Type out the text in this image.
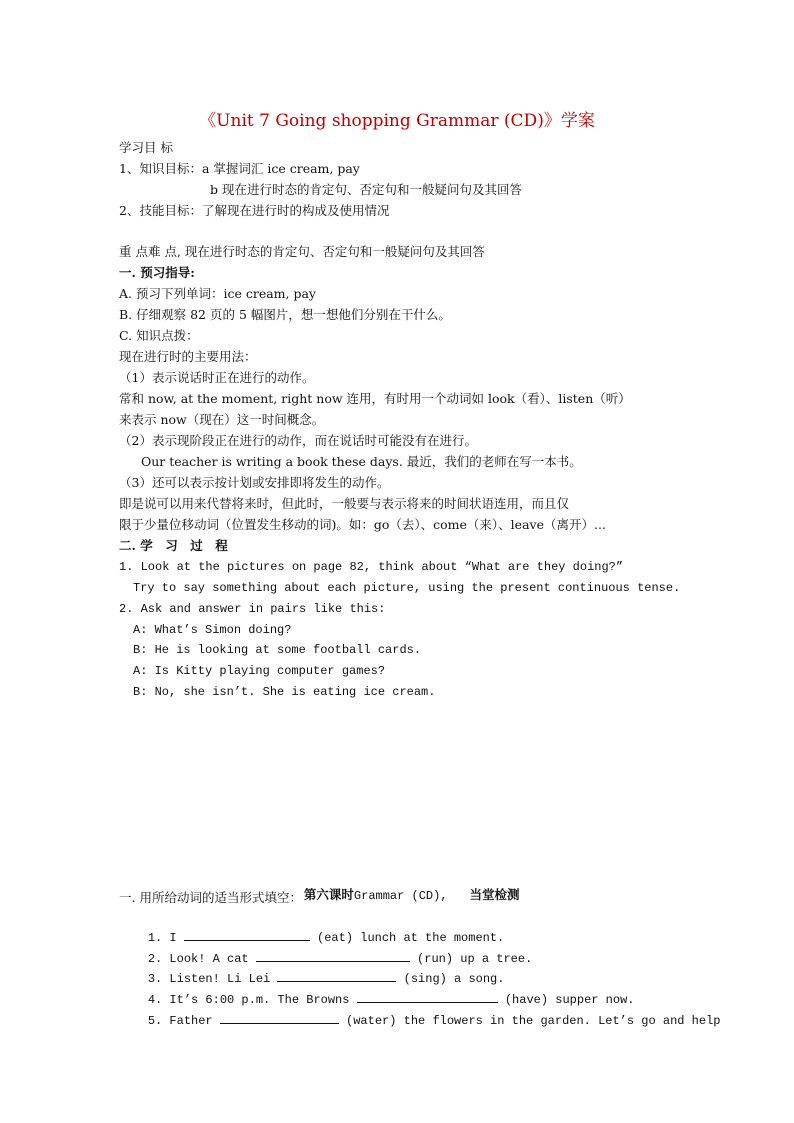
《Unit 7 Going shopping Grammar (CD)》学案
学习目 标
1、知识目标：a 掌握词汇 ice cream, pay
b 现在进行时态的肯定句、否定句和一般疑问句及其回答
2、技能目标：了解现在进行时的构成及使用情况
重 点难 点, 现在进行时态的肯定句、否定句和一般疑问句及其回答
一. 预习指导:
A. 预习下列单词：ice cream, pay
B. 仔细观察 82 页的 5 幅图片，想一想他们分别在干什么。
C. 知识点拨：
现在进行时的主要用法：
（1）表示说话时正在进行的动作。
常和 now, at the moment, right now 连用，有时用一个动词如 look（看）、listen（听）
来表示 now（现在）这一时间概念。
（2）表示现阶段正在进行的动作，而在说话时可能没有在进行。
Our teacher is writing a book these days. 最近，我们的老师在写一本书。
（3）还可以表示按计划或安排即将发生的动作。
即是说可以用来代替将来时，但此时，一般要与表示将来的时间状语连用，而且仅
限于少量位移动词（位置发生移动的词)。如：go（去）、come（来）、leave（离开）...
二. 学　习　过　程
1. Look at the pictures on page 82, think about “What are they doing?”
Try to say something about each picture, using the present continuous tense.
2. Ask and answer in pairs like this:
A: What’s Simon doing?
B: He is looking at some football cards.
A: Is Kitty playing computer games?
B: No, she isn’t. She is eating ice cream.

第六课时Grammar (CD), 当堂检测

一. 用所给动词的适当形式填空：

1. I	(eat) lunch at the moment.

2. Look! A cat	(run) up a tree.

3. Listen! Li Lei	(sing) a song.

4. It’s 6:00 p.m. The Browns	(have) supper now.

5. Father	(water) the flowers in the garden. Let’s go and help
